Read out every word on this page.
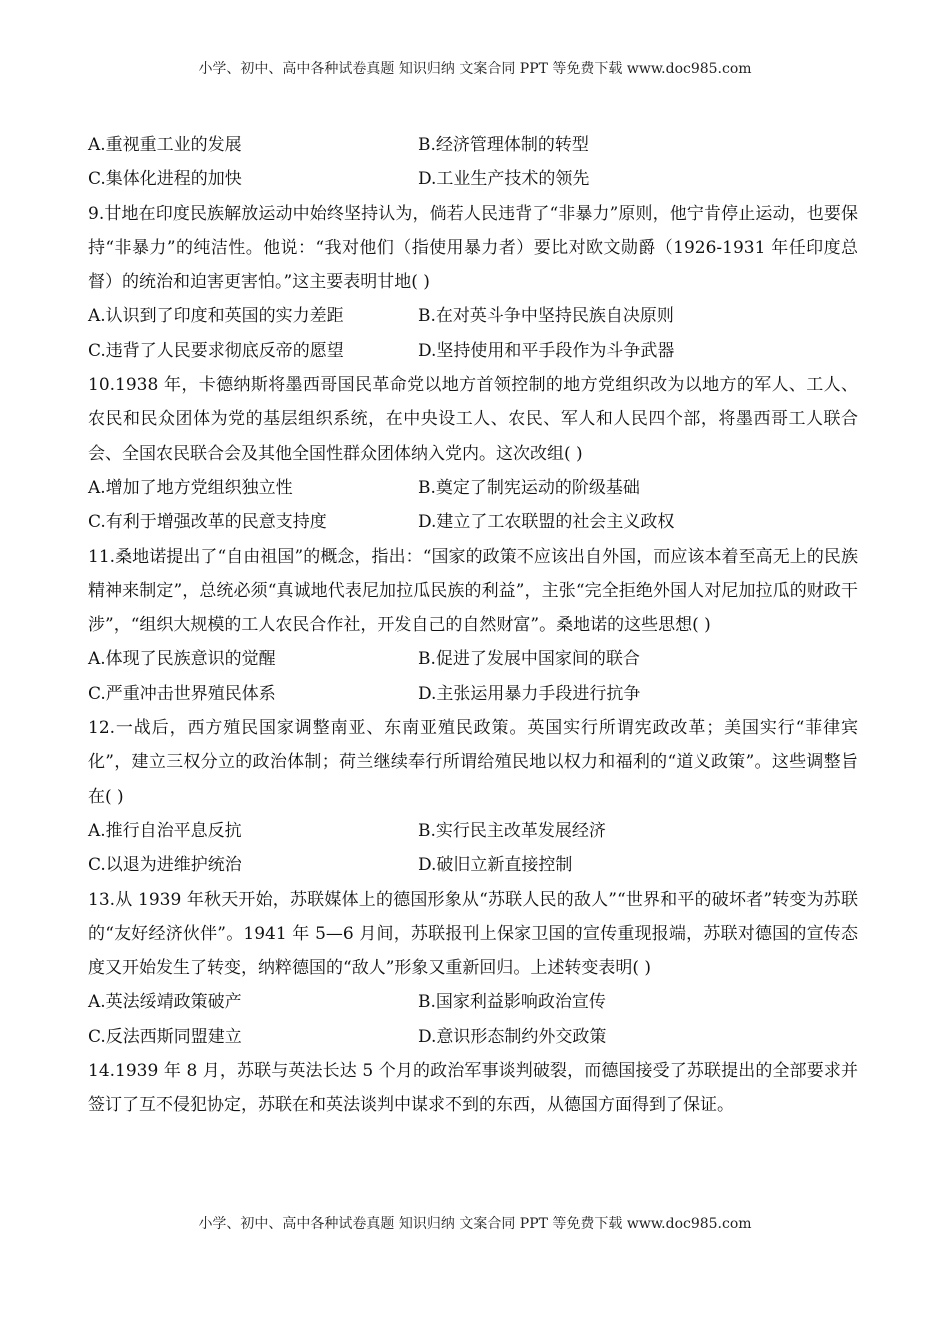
小学、初中、高中各种试卷真题 知识归纳 文案合同 PPT 等免费下载 www.doc985.com
A.重视重工业的发展	B.经济管理体制的转型
C.集体化进程的加快	D.工业生产技术的领先
9.甘地在印度民族解放运动中始终坚持认为，倘若人民违背了“非暴力”原则，他宁肯停止运动，也要保持“非暴力”的纯洁性。他说：“我对他们（指使用暴力者）要比对欧文勋爵（1926-1931 年任印度总督）的统治和迫害更害怕。”这主要表明甘地( )
A.认识到了印度和英国的实力差距	B.在对英斗争中坚持民族自决原则
C.违背了人民要求彻底反帝的愿望	D.坚持使用和平手段作为斗争武器
10.1938 年，卡德纳斯将墨西哥国民革命党以地方首领控制的地方党组织改为以地方的军人、工人、农民和民众团体为党的基层组织系统，在中央设工人、农民、军人和人民四个部，将墨西哥工人联合会、全国农民联合会及其他全国性群众团体纳入党内。这次改组( )
A.增加了地方党组织独立性	B.奠定了制宪运动的阶级基础
C.有利于增强改革的民意支持度	D.建立了工农联盟的社会主义政权
11.桑地诺提出了“自由祖国”的概念，指出：“国家的政策不应该出自外国，而应该本着至高无上的民族精神来制定”，总统必须“真诚地代表尼加拉瓜民族的利益”，主张“完全拒绝外国人对尼加拉瓜的财政干涉”，“组织大规模的工人农民合作社，开发自己的自然财富”。桑地诺的这些思想( )
A.体现了民族意识的觉醒	B.促进了发展中国家间的联合
C.严重冲击世界殖民体系	D.主张运用暴力手段进行抗争
12.一战后，西方殖民国家调整南亚、东南亚殖民政策。英国实行所谓宪政改革；美国实行“菲律宾化”，建立三权分立的政治体制；荷兰继续奉行所谓给殖民地以权力和福利的“道义政策”。这些调整旨在( )
A.推行自治平息反抗	B.实行民主改革发展经济
C.以退为进维护统治	D.破旧立新直接控制
13.从 1939 年秋天开始，苏联媒体上的德国形象从“苏联人民的敌人”“世界和平的破坏者”转变为苏联的“友好经济伙伴”。1941 年 5—6 月间，苏联报刊上保家卫国的宣传重现报端，苏联对德国的宣传态度又开始发生了转变，纳粹德国的“敌人”形象又重新回归。上述转变表明( )
A.英法绥靖政策破产	B.国家利益影响政治宣传
C.反法西斯同盟建立	D.意识形态制约外交政策
14.1939 年 8 月，苏联与英法长达 5 个月的政治军事谈判破裂，而德国接受了苏联提出的全部要求并签订了互不侵犯协定，苏联在和英法谈判中谋求不到的东西，从德国方面得到了保证。
小学、初中、高中各种试卷真题 知识归纳 文案合同 PPT 等免费下载 www.doc985.com
